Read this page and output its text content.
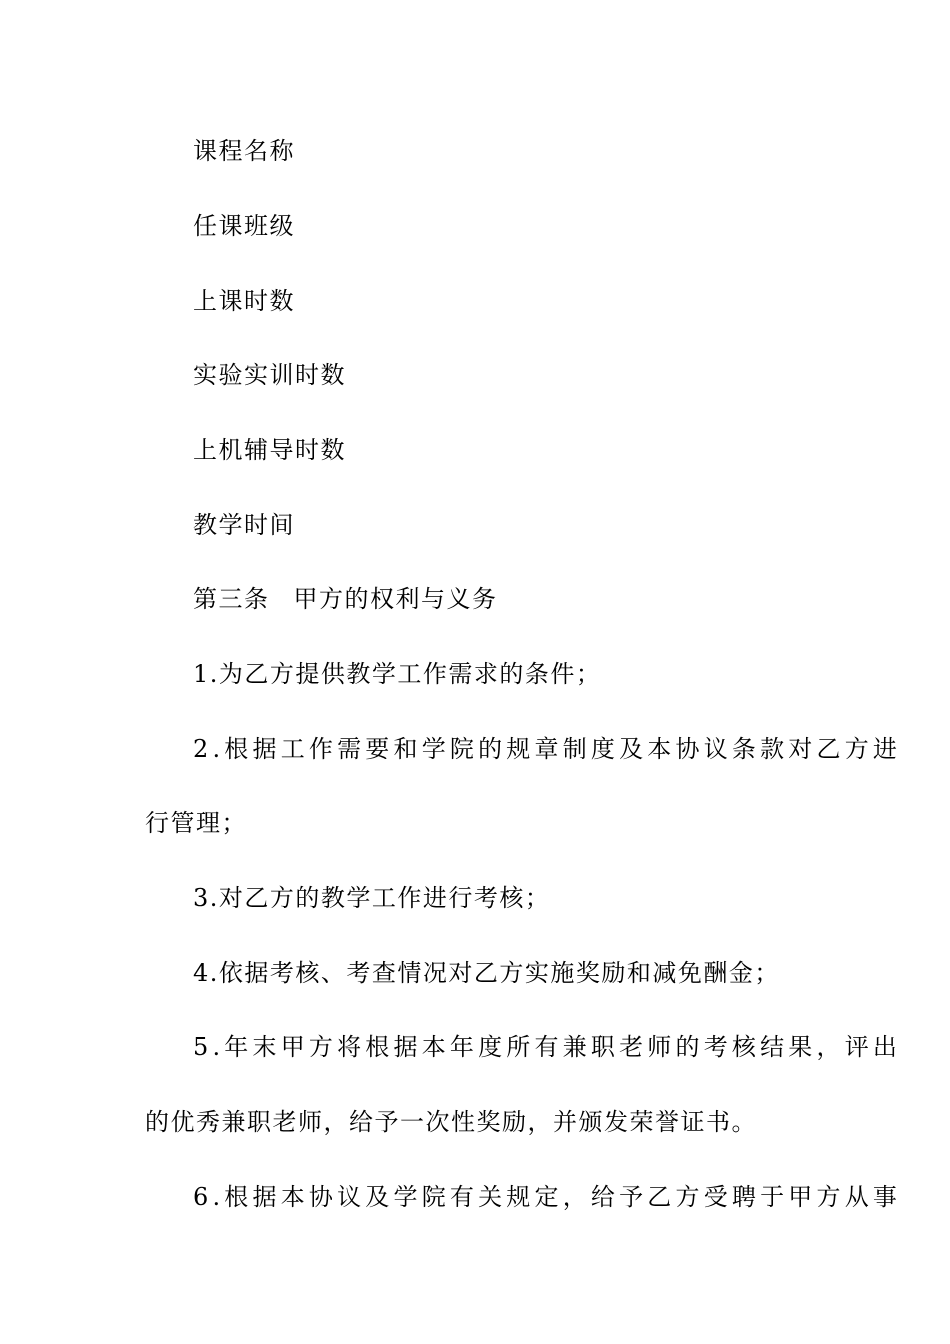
课程名称
任课班级
上课时数
实验实训时数
上机辅导时数
教学时间
第三条 甲方的权利与义务
1.为乙方提供教学工作需求的条件；
2.根据工作需要和学院的规章制度及本协议条款对乙方进
行管理；
3.对乙方的教学工作进行考核；
4.依据考核、考查情况对乙方实施奖励和减免酬金；
5.年末甲方将根据本年度所有兼职老师的考核结果，评出
的优秀兼职老师，给予一次性奖励，并颁发荣誉证书。
6.根据本协议及学院有关规定，给予乙方受聘于甲方从事
